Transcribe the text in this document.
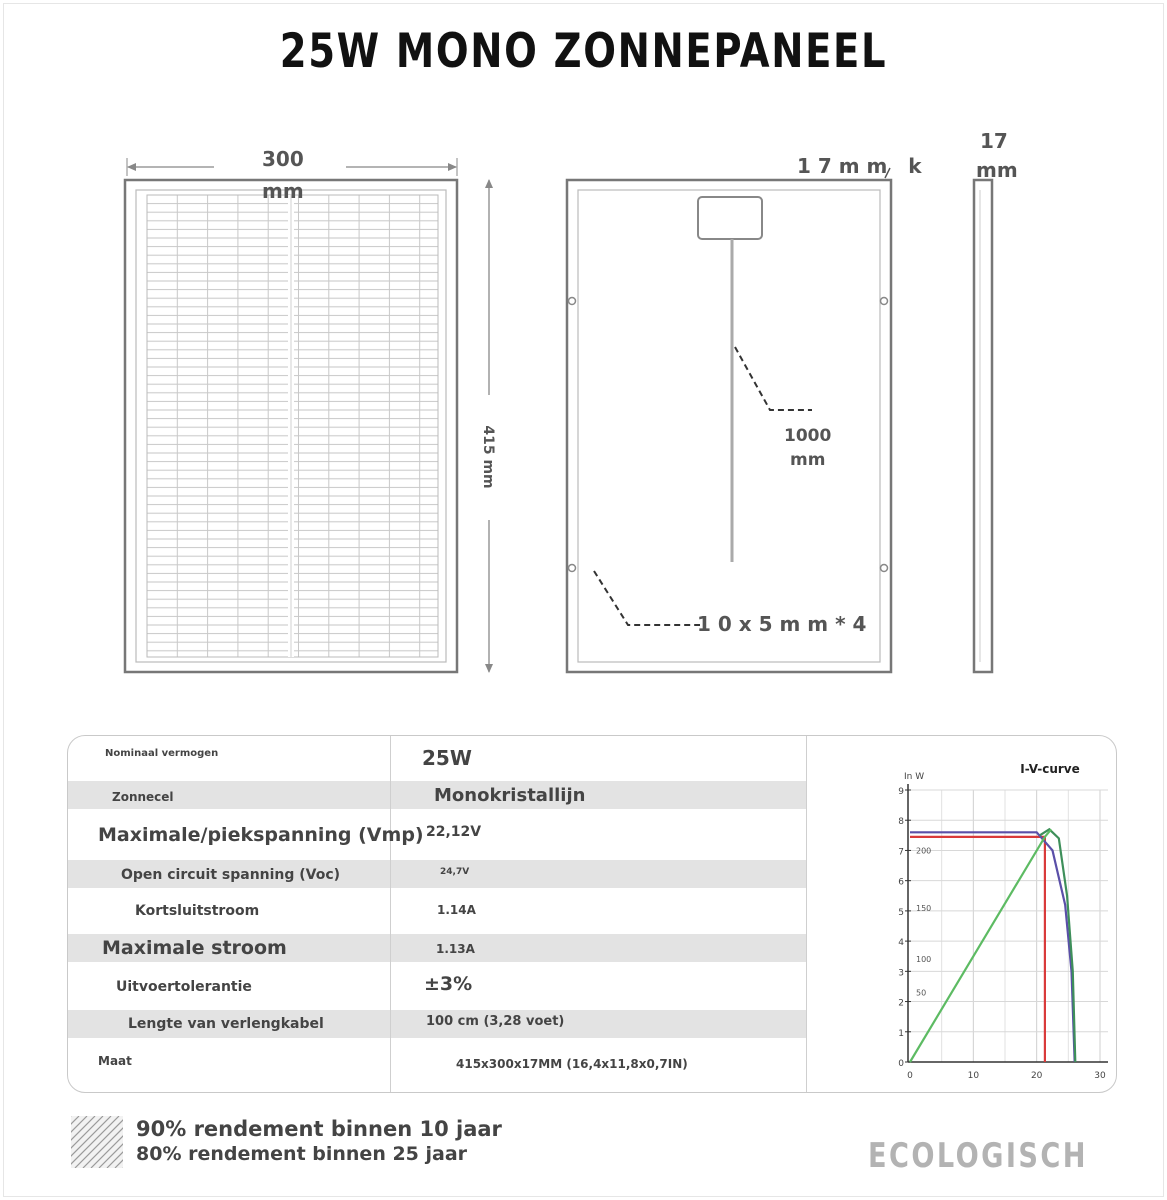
25W MONO ZONNEPANEEL
300
mm
415 mm
1 7 m m   k
17
mm
1000
mm
1 0 x 5 m m * 4
Nominaal vermogen	25W
Zonnecel	Monokristallijn
Maximale/piekspanning (Vmp) 22,12V
Open circuit spanning (Voc)	24,7V
Kortsluitstroom	1.14A
Maximale stroom	1.13A
Uitvoertolerantie	±3%
Lengte van verlengkabel	100 cm (3,28 voet)
Maat	415x300x17MM (16,4x11,8x0,7IN)	0
1
2
3
4
5
6
7
8
9
0	10	20	30
50
100
150
200
I-V-curve
In W
90% rendement binnen 10 jaar
80% rendement binnen 25 jaar	ECOLOGISCH
